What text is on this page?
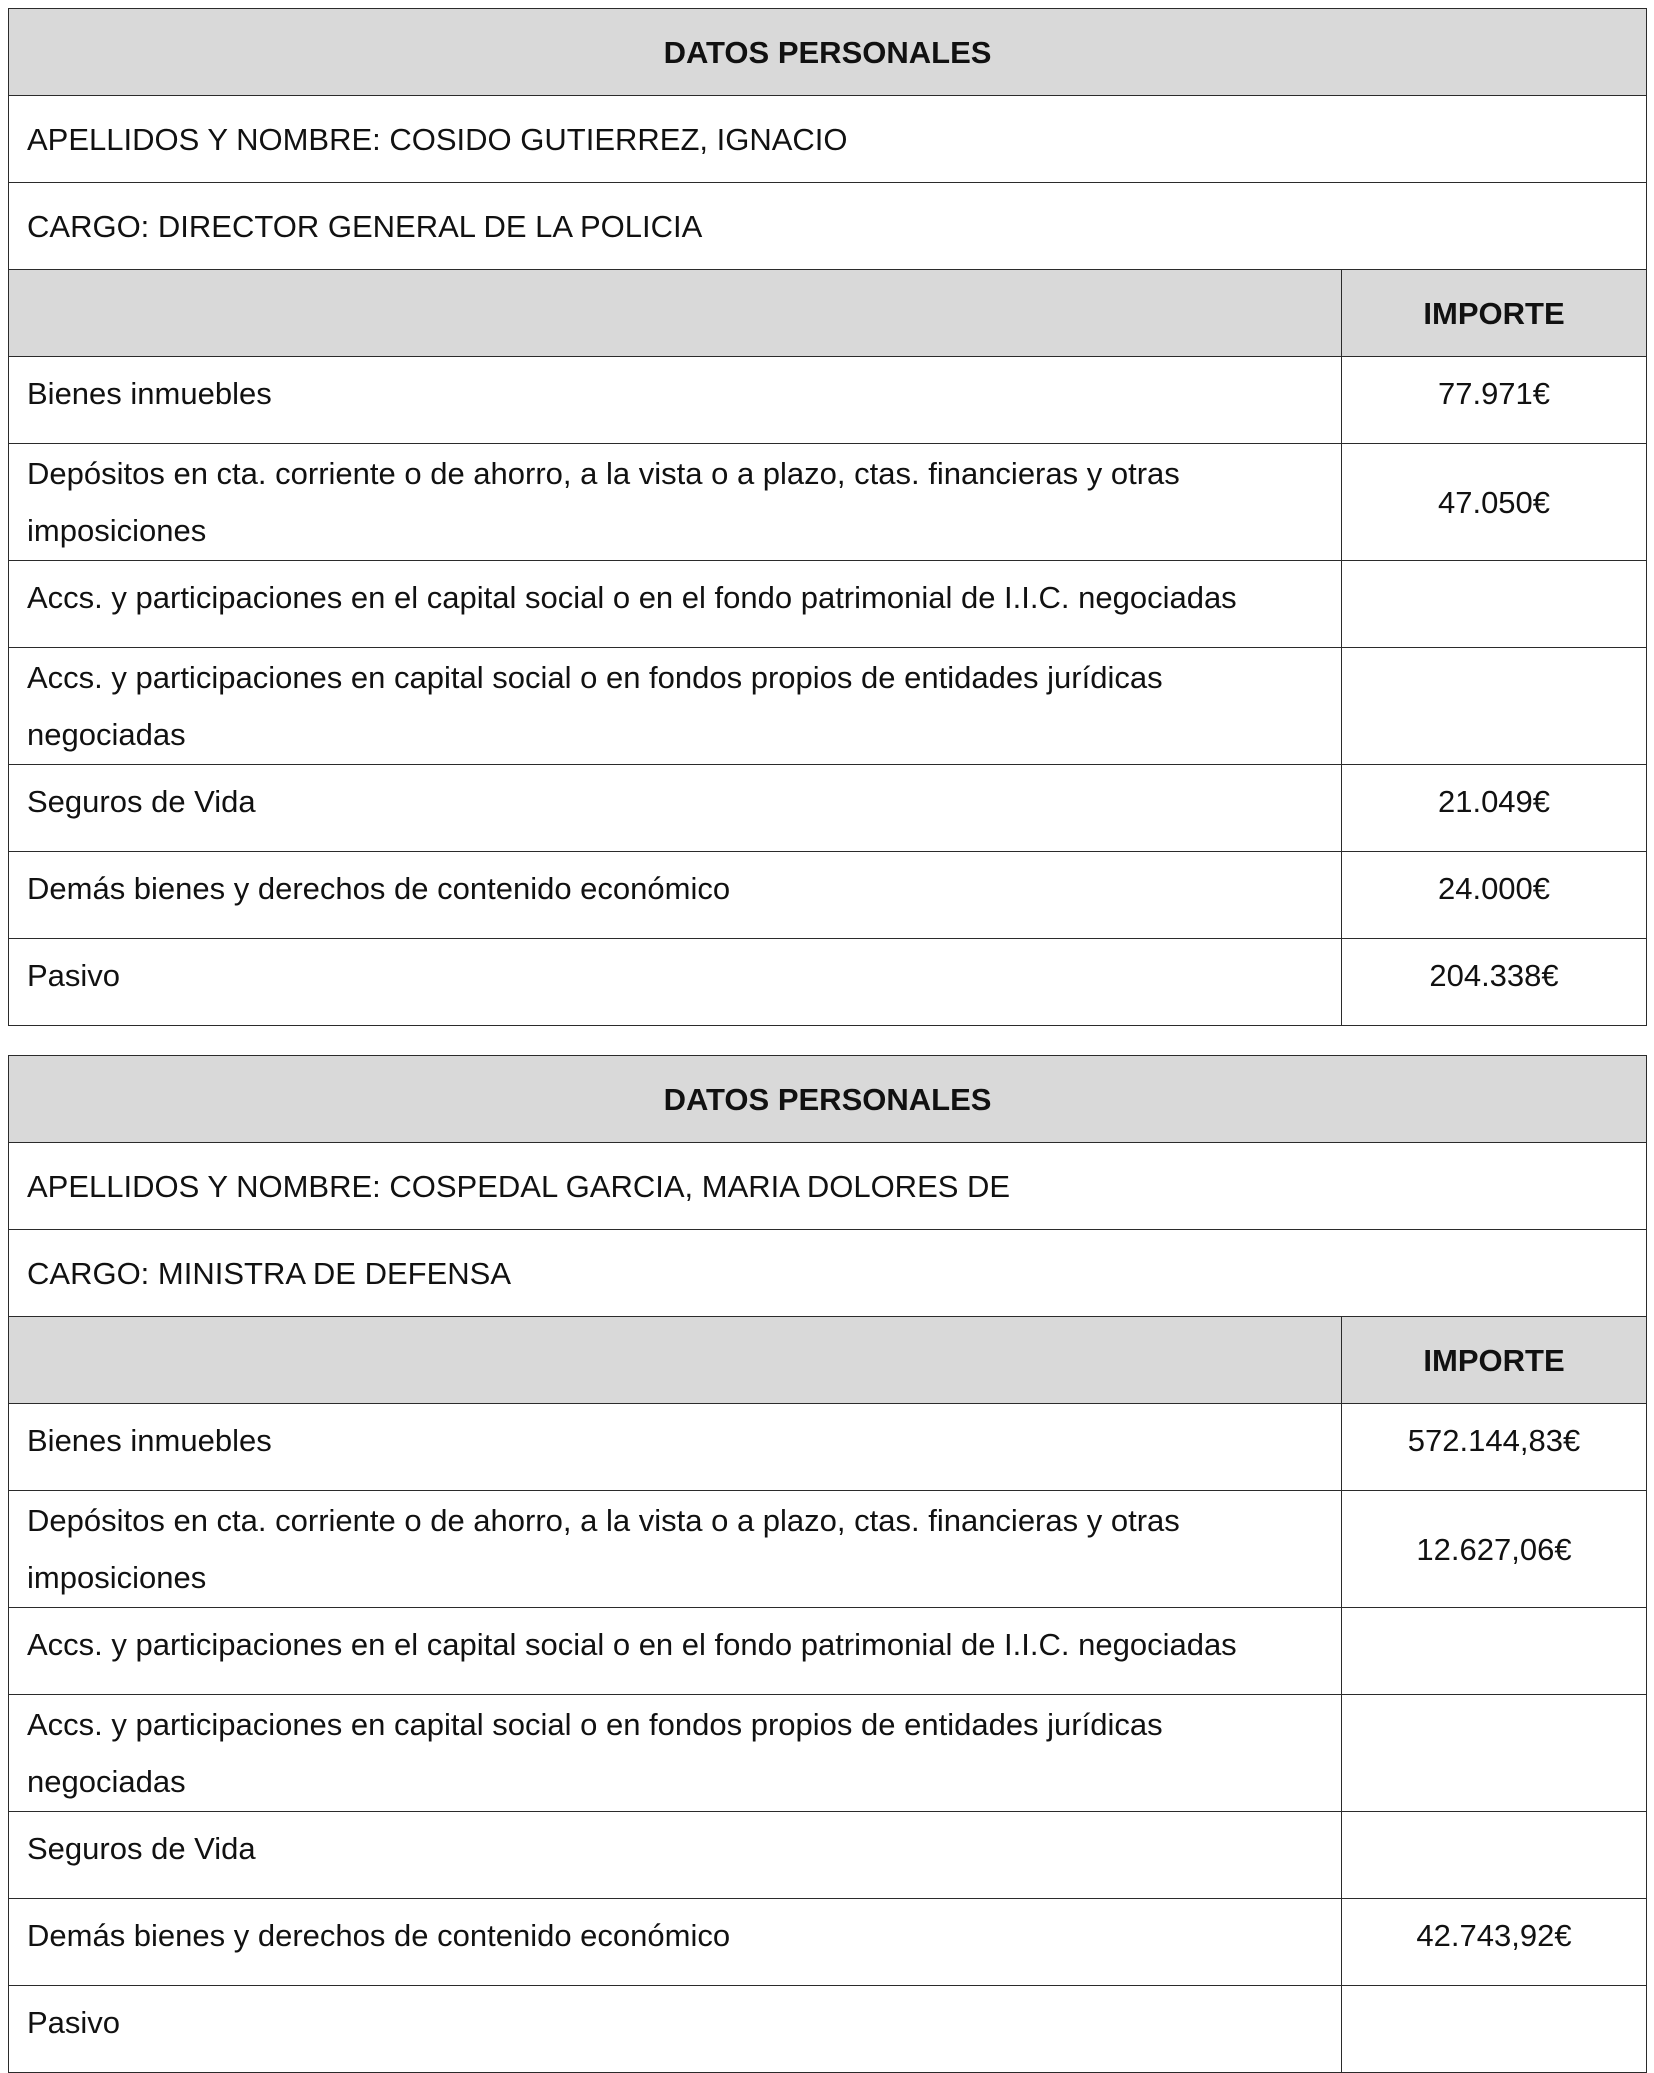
DATOS PERSONALES	
APELLIDOS Y NOMBRE: COSIDO GUTIERREZ, IGNACIO	
CARGO: DIRECTOR GENERAL DE LA POLICIA	
	IMPORTE
Bienes inmuebles	77.971€
Depósitos en cta. corriente o de ahorro, a la vista o a plazo, ctas. financieras y otras imposiciones	47.050€
Accs. y participaciones en el capital social o en el fondo patrimonial de I.I.C. negociadas	
Accs. y participaciones en capital social o en fondos propios de entidades jurídicas negociadas	
Seguros de Vida	21.049€
Demás bienes y derechos de contenido económico	24.000€
Pasivo	204.338€
DATOS PERSONALES	
APELLIDOS Y NOMBRE: COSPEDAL GARCIA, MARIA DOLORES DE	
CARGO: MINISTRA DE DEFENSA	
	IMPORTE
Bienes inmuebles	572.144,83€
Depósitos en cta. corriente o de ahorro, a la vista o a plazo, ctas. financieras y otras imposiciones	12.627,06€
Accs. y participaciones en el capital social o en el fondo patrimonial de I.I.C. negociadas	
Accs. y participaciones en capital social o en fondos propios de entidades jurídicas negociadas	
Seguros de Vida	
Demás bienes y derechos de contenido económico	42.743,92€
Pasivo	
